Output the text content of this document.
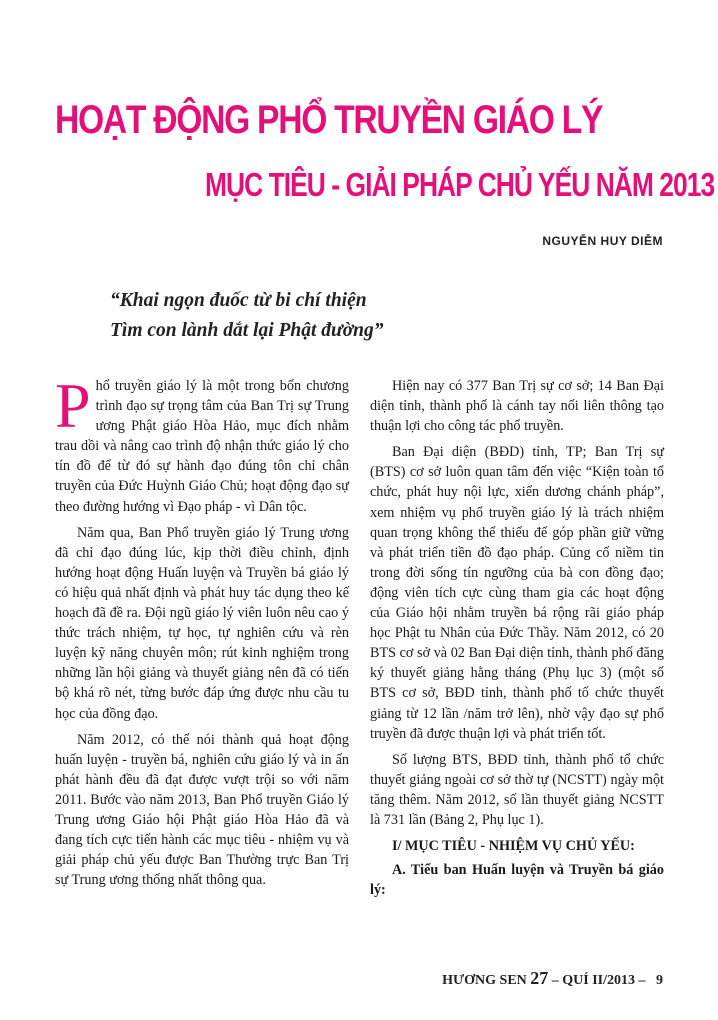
HOẠT ĐỘNG PHỔ TRUYỀN GIÁO LÝ
MỤC TIÊU - GIẢI PHÁP CHỦ YẾU NĂM 2013
NGUYỄN HUY DIỄM
“Khai ngọn đuốc từ bi chí thiện
Tìm con lành dắt lại Phật đường”

Phổ truyền giáo lý là một trong bốn chương trình đạo sự trọng tâm của Ban Trị sự Trung ương Phật giáo Hòa Hảo, mục đích nhằm trau dồi và nâng cao trình độ nhận thức giáo lý cho tín đồ để từ đó sự hành đạo đúng tôn chỉ chân truyền của Đức Huỳnh Giáo Chủ; hoạt động đạo sự theo đường hướng vì Đạo pháp - vì Dân tộc.

Năm qua, Ban Phổ truyền giáo lý Trung ương đã chỉ đạo đúng lúc, kịp thời điều chỉnh, định hướng hoạt động Huấn luyện và Truyền bá giáo lý có hiệu quả nhất định và phát huy tác dụng theo kế hoạch đã đề ra. Đội ngũ giáo lý viên luôn nêu cao ý thức trách nhiệm, tự học, tự nghiên cứu và rèn luyện kỹ năng chuyên môn; rút kinh nghiệm trong những lần hội giảng và thuyết giảng nên đã có tiến bộ khá rõ nét, từng bước đáp ứng được nhu cầu tu học của đồng đạo.

Năm 2012, có thể nói thành quả hoạt động huấn luyện - truyền bá, nghiên cứu giáo lý và in ấn phát hành đều đã đạt được vượt trội so với năm 2011. Bước vào năm 2013, Ban Phổ truyền Giáo lý Trung ương Giáo hội Phật giáo Hòa Hảo đã và đang tích cực tiến hành các mục tiêu - nhiệm vụ và giải pháp chủ yếu được Ban Thường trực Ban Trị sự Trung ương thống nhất thông qua.

Hiện nay có 377 Ban Trị sự cơ sở; 14 Ban Đại diện tỉnh, thành phố là cánh tay nối liên thông tạo thuận lợi cho công tác phổ truyền.

Ban Đại diện (BĐD) tỉnh, TP; Ban Trị sự (BTS) cơ sở luôn quan tâm đến việc “Kiện toàn tổ chức, phát huy nội lực, xiển dương chánh pháp”, xem nhiệm vụ phổ truyền giáo lý là trách nhiệm quan trọng không thể thiếu để góp phần giữ vững và phát triển tiền đồ đạo pháp. Củng cố niềm tin trong đời sống tín ngưỡng của bà con đồng đạo; động viên tích cực cùng tham gia các hoạt động của Giáo hội nhằm truyền bá rộng rãi giáo pháp học Phật tu Nhân của Đức Thầy. Năm 2012, có 20 BTS cơ sở và 02 Ban Đại diện tỉnh, thành phố đăng ký thuyết giảng hằng tháng (Phụ lục 3) (một số BTS cơ sở, BĐD tỉnh, thành phố tổ chức thuyết giảng từ 12 lần /năm trở lên), nhờ vậy đạo sự phổ truyền đã được thuận lợi và phát triển tốt.

Số lượng BTS, BĐD tỉnh, thành phố tổ chức thuyết giảng ngoài cơ sở thờ tự (NCSTT) ngày một tăng thêm. Năm 2012, số lần thuyết giảng NCSTT là 731 lần (Bảng 2, Phụ lục 1).

I/ MỤC TIÊU - NHIỆM VỤ CHỦ YẾU:
A. Tiểu ban Huấn luyện và Truyền bá giáo lý:
HƯƠNG SEN 27 – QUÍ II/2013 – 9
